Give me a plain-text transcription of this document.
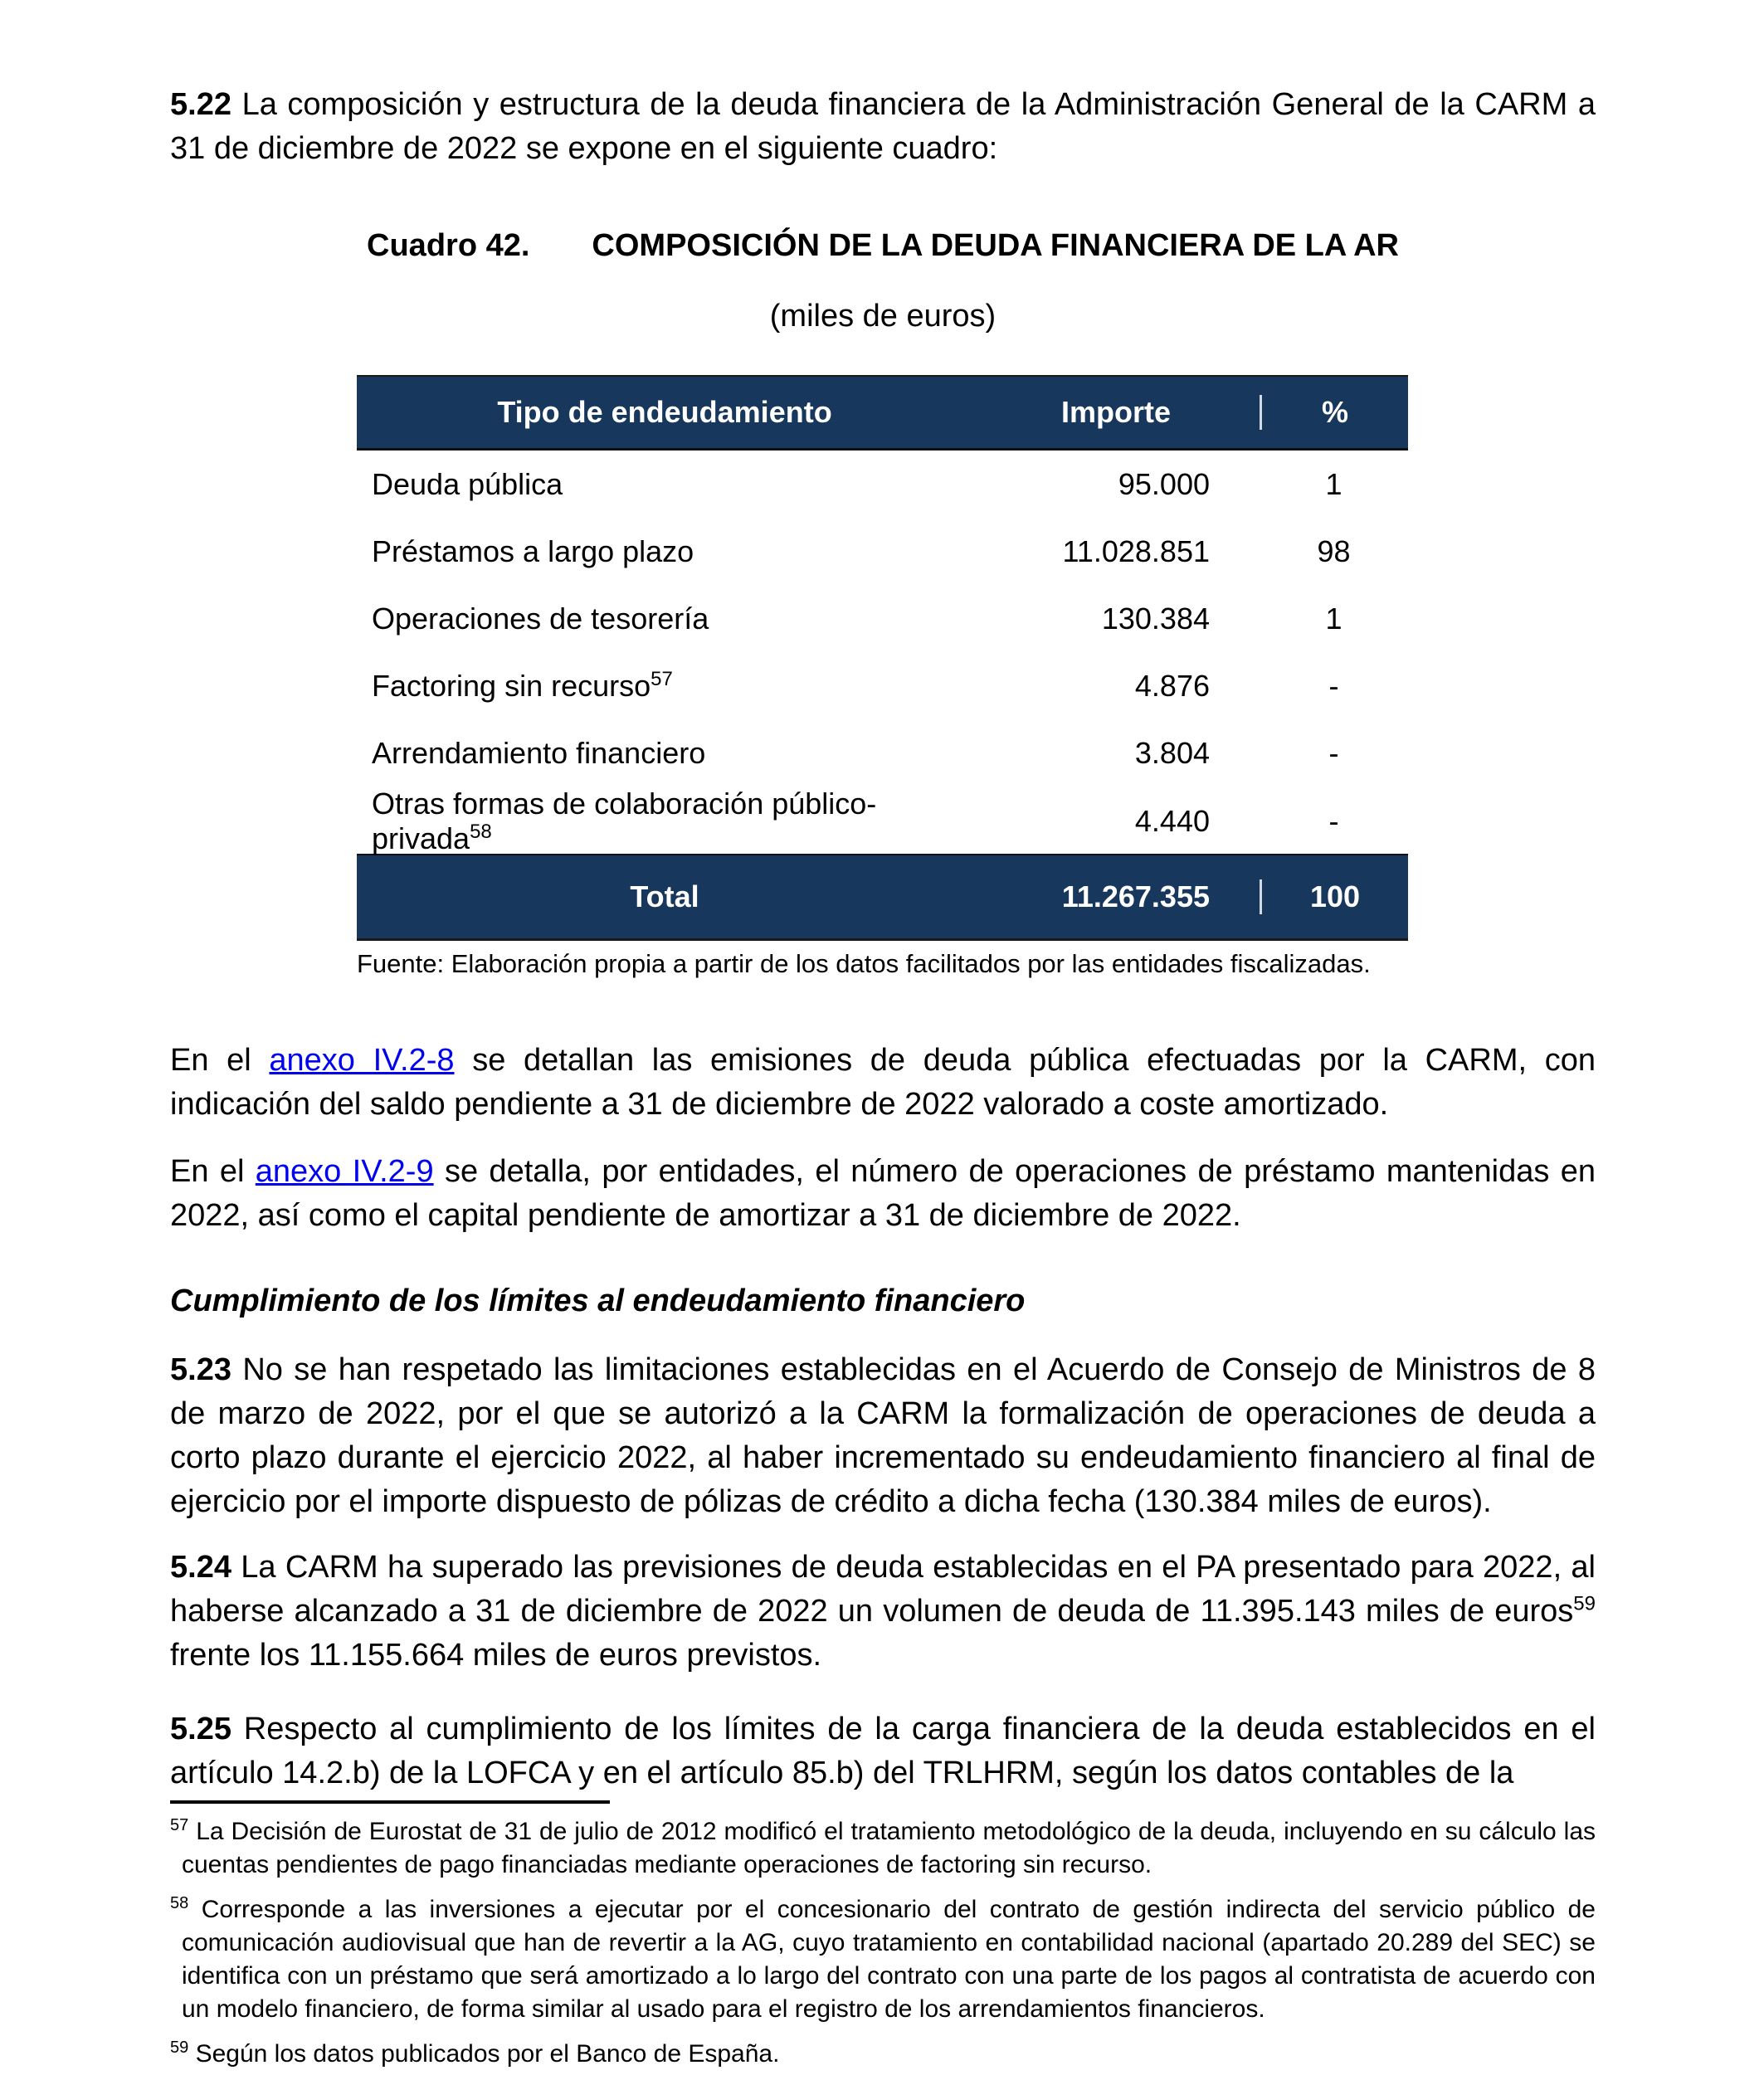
5.22 La composición y estructura de la deuda financiera de la Administración General de la CARM a 31 de diciembre de 2022 se expone en el siguiente cuadro:

Cuadro 42. COMPOSICIÓN DE LA DEUDA FINANCIERA DE LA AR
(miles de euros)
Tipo de endeudamiento	Importe	%
Deuda pública	95.000	1
Préstamos a largo plazo	11.028.851	98
Operaciones de tesorería	130.384	1
Factoring sin recurso$^{57}$	4.876	-
Arrendamiento financiero	3.804	-
Otras formas de colaboración público-privada$^{58}$	4.440	-
Total	11.267.355	100
Fuente: Elaboración propia a partir de los datos facilitados por las entidades fiscalizadas.

En el anexo IV.2-8 se detallan las emisiones de deuda pública efectuadas por la CARM, con indicación del saldo pendiente a 31 de diciembre de 2022 valorado a coste amortizado.

En el anexo IV.2-9 se detalla, por entidades, el número de operaciones de préstamo mantenidas en 2022, así como el capital pendiente de amortizar a 31 de diciembre de 2022.

Cumplimiento de los límites al endeudamiento financiero

5.23 No se han respetado las limitaciones establecidas en el Acuerdo de Consejo de Ministros de 8 de marzo de 2022, por el que se autorizó a la CARM la formalización de operaciones de deuda a corto plazo durante el ejercicio 2022, al haber incrementado su endeudamiento financiero al final de ejercicio por el importe dispuesto de pólizas de crédito a dicha fecha (130.384 miles de euros).

5.24 La CARM ha superado las previsiones de deuda establecidas en el PA presentado para 2022, al haberse alcanzado a 31 de diciembre de 2022 un volumen de deuda de 11.395.143 miles de euros$^{59}$ frente los 11.155.664 miles de euros previstos.

5.25 Respecto al cumplimiento de los límites de la carga financiera de la deuda establecidos en el artículo 14.2.b) de la LOFCA y en el artículo 85.b) del TRLHRM, según los datos contables de la

$^{57}$ La Decisión de Eurostat de 31 de julio de 2012 modificó el tratamiento metodológico de la deuda, incluyendo en su cálculo las cuentas pendientes de pago financiadas mediante operaciones de factoring sin recurso.
$^{58}$ Corresponde a las inversiones a ejecutar por el concesionario del contrato de gestión indirecta del servicio público de comunicación audiovisual que han de revertir a la AG, cuyo tratamiento en contabilidad nacional (apartado 20.289 del SEC) se identifica con un préstamo que será amortizado a lo largo del contrato con una parte de los pagos al contratista de acuerdo con un modelo financiero, de forma similar al usado para el registro de los arrendamientos financieros.
$^{59}$ Según los datos publicados por el Banco de España.
